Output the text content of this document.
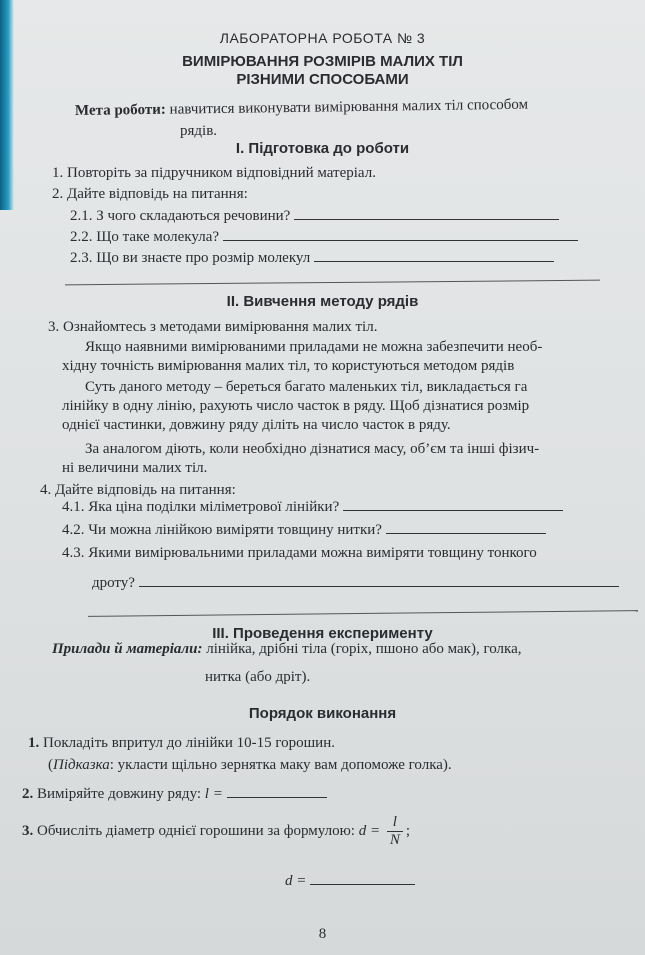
ЛАБОРАТОРНА РОБОТА № 3
ВИМІРЮВАННЯ РОЗМІРІВ МАЛИХ ТІЛ
РІЗНИМИ СПОСОБАМИ
Мета роботи: навчитися виконувати вимірювання малих тіл способом
рядів.
І. Підготовка до роботи
1. Повторіть за підручником відповідний матеріал.
2. Дайте відповідь на питання:
2.1. З чого складаються речовини?
2.2. Що таке молекула?
2.3. Що ви знаєте про розмір молекул
ІІ. Вивчення методу рядів
3. Ознайомтесь з методами вимірювання малих тіл.
Якщо наявними вимірюваними приладами не можна забезпечити необ-
хідну точність вимірювання малих тіл, то користуються методом рядів
Суть даного методу – береться багато маленьких тіл, викладається га
лінійку в одну лінію, рахують число часток в ряду. Щоб дізнатися розмір
однієї частинки, довжину ряду діліть на число часток в ряду.
За аналогом діють, коли необхідно дізнатися масу, об’єм та інші фізич-
ні величини малих тіл.
4. Дайте відповідь на питання:
4.1. Яка ціна поділки міліметрової лінійки?
4.2. Чи можна лінійкою виміряти товщину нитки?
4.3. Якими вимірювальними приладами можна виміряти товщину тонкого
дроту?
ІІІ. Проведення експерименту
Прилади й матеріали: лінійка, дрібні тіла (горіх, пшоно або мак), голка,
нитка (або дріт).
Порядок виконання
1. Покладіть впритул до лінійки 10-15 горошин.
(Підказка: укласти щільно зернятка маку вам допоможе голка).
2. Виміряйте довжину ряду: l =
3. Обчисліть діаметр однієї горошини за формулою: $d = \frac{l}{N}$ ;
d =
8
